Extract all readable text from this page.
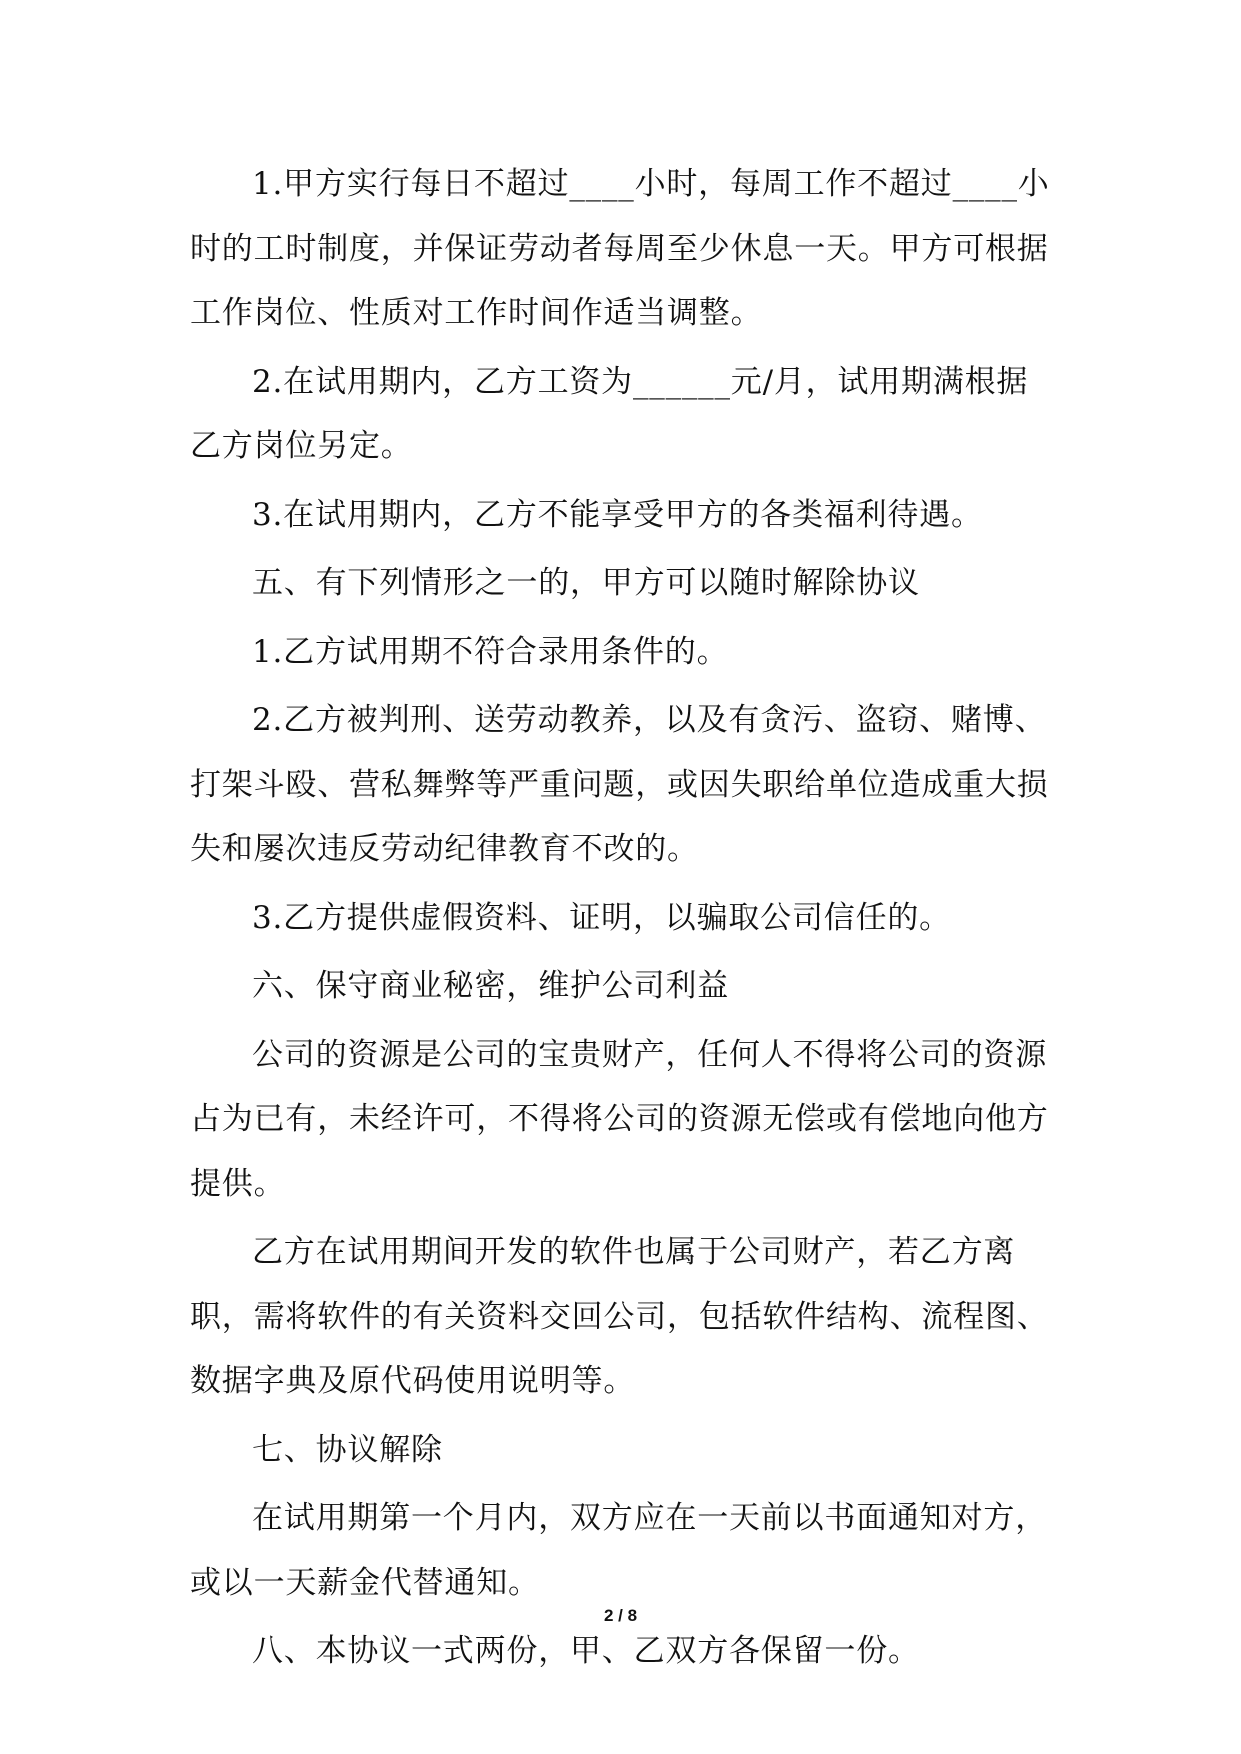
1.甲方实行每日不超过____小时，每周工作不超过____小时的工时制度，并保证劳动者每周至少休息一天。甲方可根据工作岗位、性质对工作时间作适当调整。

2.在试用期内，乙方工资为______元/月，试用期满根据乙方岗位另定。

3.在试用期内，乙方不能享受甲方的各类福利待遇。

五、有下列情形之一的，甲方可以随时解除协议

1.乙方试用期不符合录用条件的。

2.乙方被判刑、送劳动教养，以及有贪污、盗窃、赌博、打架斗殴、营私舞弊等严重问题，或因失职给单位造成重大损失和屡次违反劳动纪律教育不改的。

3.乙方提供虚假资料、证明，以骗取公司信任的。

六、保守商业秘密，维护公司利益

公司的资源是公司的宝贵财产，任何人不得将公司的资源占为已有，未经许可，不得将公司的资源无偿或有偿地向他方提供。

乙方在试用期间开发的软件也属于公司财产，若乙方离职，需将软件的有关资料交回公司，包括软件结构、流程图、数据字典及原代码使用说明等。

七、协议解除

在试用期第一个月内，双方应在一天前以书面通知对方，或以一天薪金代替通知。

八、本协议一式两份，甲、乙双方各保留一份。

2 / 8
